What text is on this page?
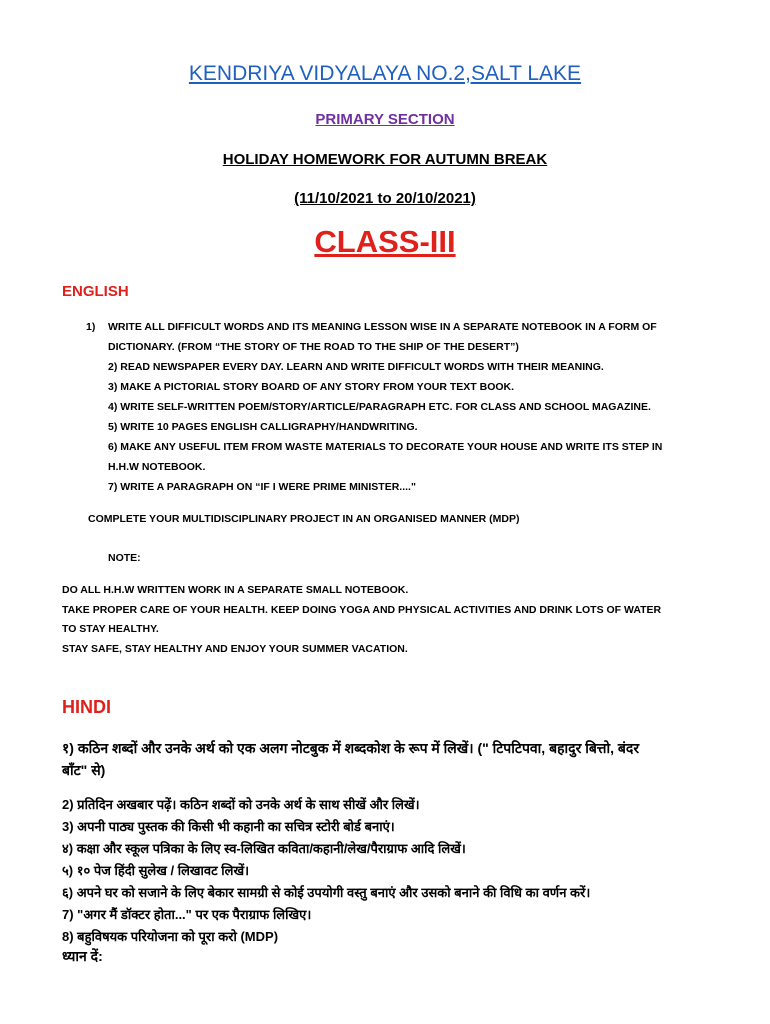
KENDRIYA VIDYALAYA NO.2,SALT LAKE
PRIMARY SECTION
HOLIDAY HOMEWORK FOR AUTUMN BREAK
(11/10/2021 to 20/10/2021)
CLASS-III
ENGLISH
1) WRITE ALL DIFFICULT WORDS AND ITS MEANING LESSON WISE IN A SEPARATE NOTEBOOK IN A FORM OF
DICTIONARY. (FROM “THE STORY OF THE ROAD TO THE SHIP OF THE DESERT”)
2) READ NEWSPAPER EVERY DAY. LEARN AND WRITE DIFFICULT WORDS WITH THEIR MEANING.
3) MAKE A PICTORIAL STORY BOARD OF ANY STORY FROM YOUR TEXT BOOK.
4) WRITE SELF-WRITTEN POEM/STORY/ARTICLE/PARAGRAPH ETC. FOR CLASS AND SCHOOL MAGAZINE.
5) WRITE 10 PAGES ENGLISH CALLIGRAPHY/HANDWRITING.
6) MAKE ANY USEFUL ITEM FROM WASTE MATERIALS TO DECORATE YOUR HOUSE AND WRITE ITS STEP IN
H.H.W NOTEBOOK.
7) WRITE A PARAGRAPH ON “IF I WERE PRIME MINISTER...."
COMPLETE YOUR MULTIDISCIPLINARY PROJECT IN AN ORGANISED MANNER (MDP)
NOTE:
DO ALL H.H.W WRITTEN WORK IN A SEPARATE SMALL NOTEBOOK.
TAKE PROPER CARE OF YOUR HEALTH. KEEP DOING YOGA AND PHYSICAL ACTIVITIES AND DRINK LOTS OF WATER
TO STAY HEALTHY.
STAY SAFE, STAY HEALTHY AND ENJOY YOUR SUMMER VACATION.
HINDI
१) कठिन शब्दों और उनके अर्थ को एक अलग नोटबुक में शब्दकोश के रूप में लिखें। (" टिपटिपवा, बहादुर बित्तो, बंदर
बाँट" से)
2) प्रतिदिन अखबार पढ़ें। कठिन शब्दों को उनके अर्थ के साथ सीखें और लिखें।
3) अपनी पाठ्य पुस्तक की किसी भी कहानी का सचित्र स्टोरी बोर्ड बनाएं।
४) कक्षा और स्कूल पत्रिका के लिए स्व-लिखित कविता/कहानी/लेख/पैराग्राफ आदि लिखें।
५) १० पेज हिंदी सुलेख / लिखावट लिखें।
६) अपने घर को सजाने के लिए बेकार सामग्री से कोई उपयोगी वस्तु बनाएं और उसको बनाने की विधि का वर्णन करें।
7) "अगर मैं डॉक्टर होता..." पर एक पैराग्राफ लिखिए।
8) बहुविषयक परियोजना को पूरा करो (MDP)
ध्यान दें:
